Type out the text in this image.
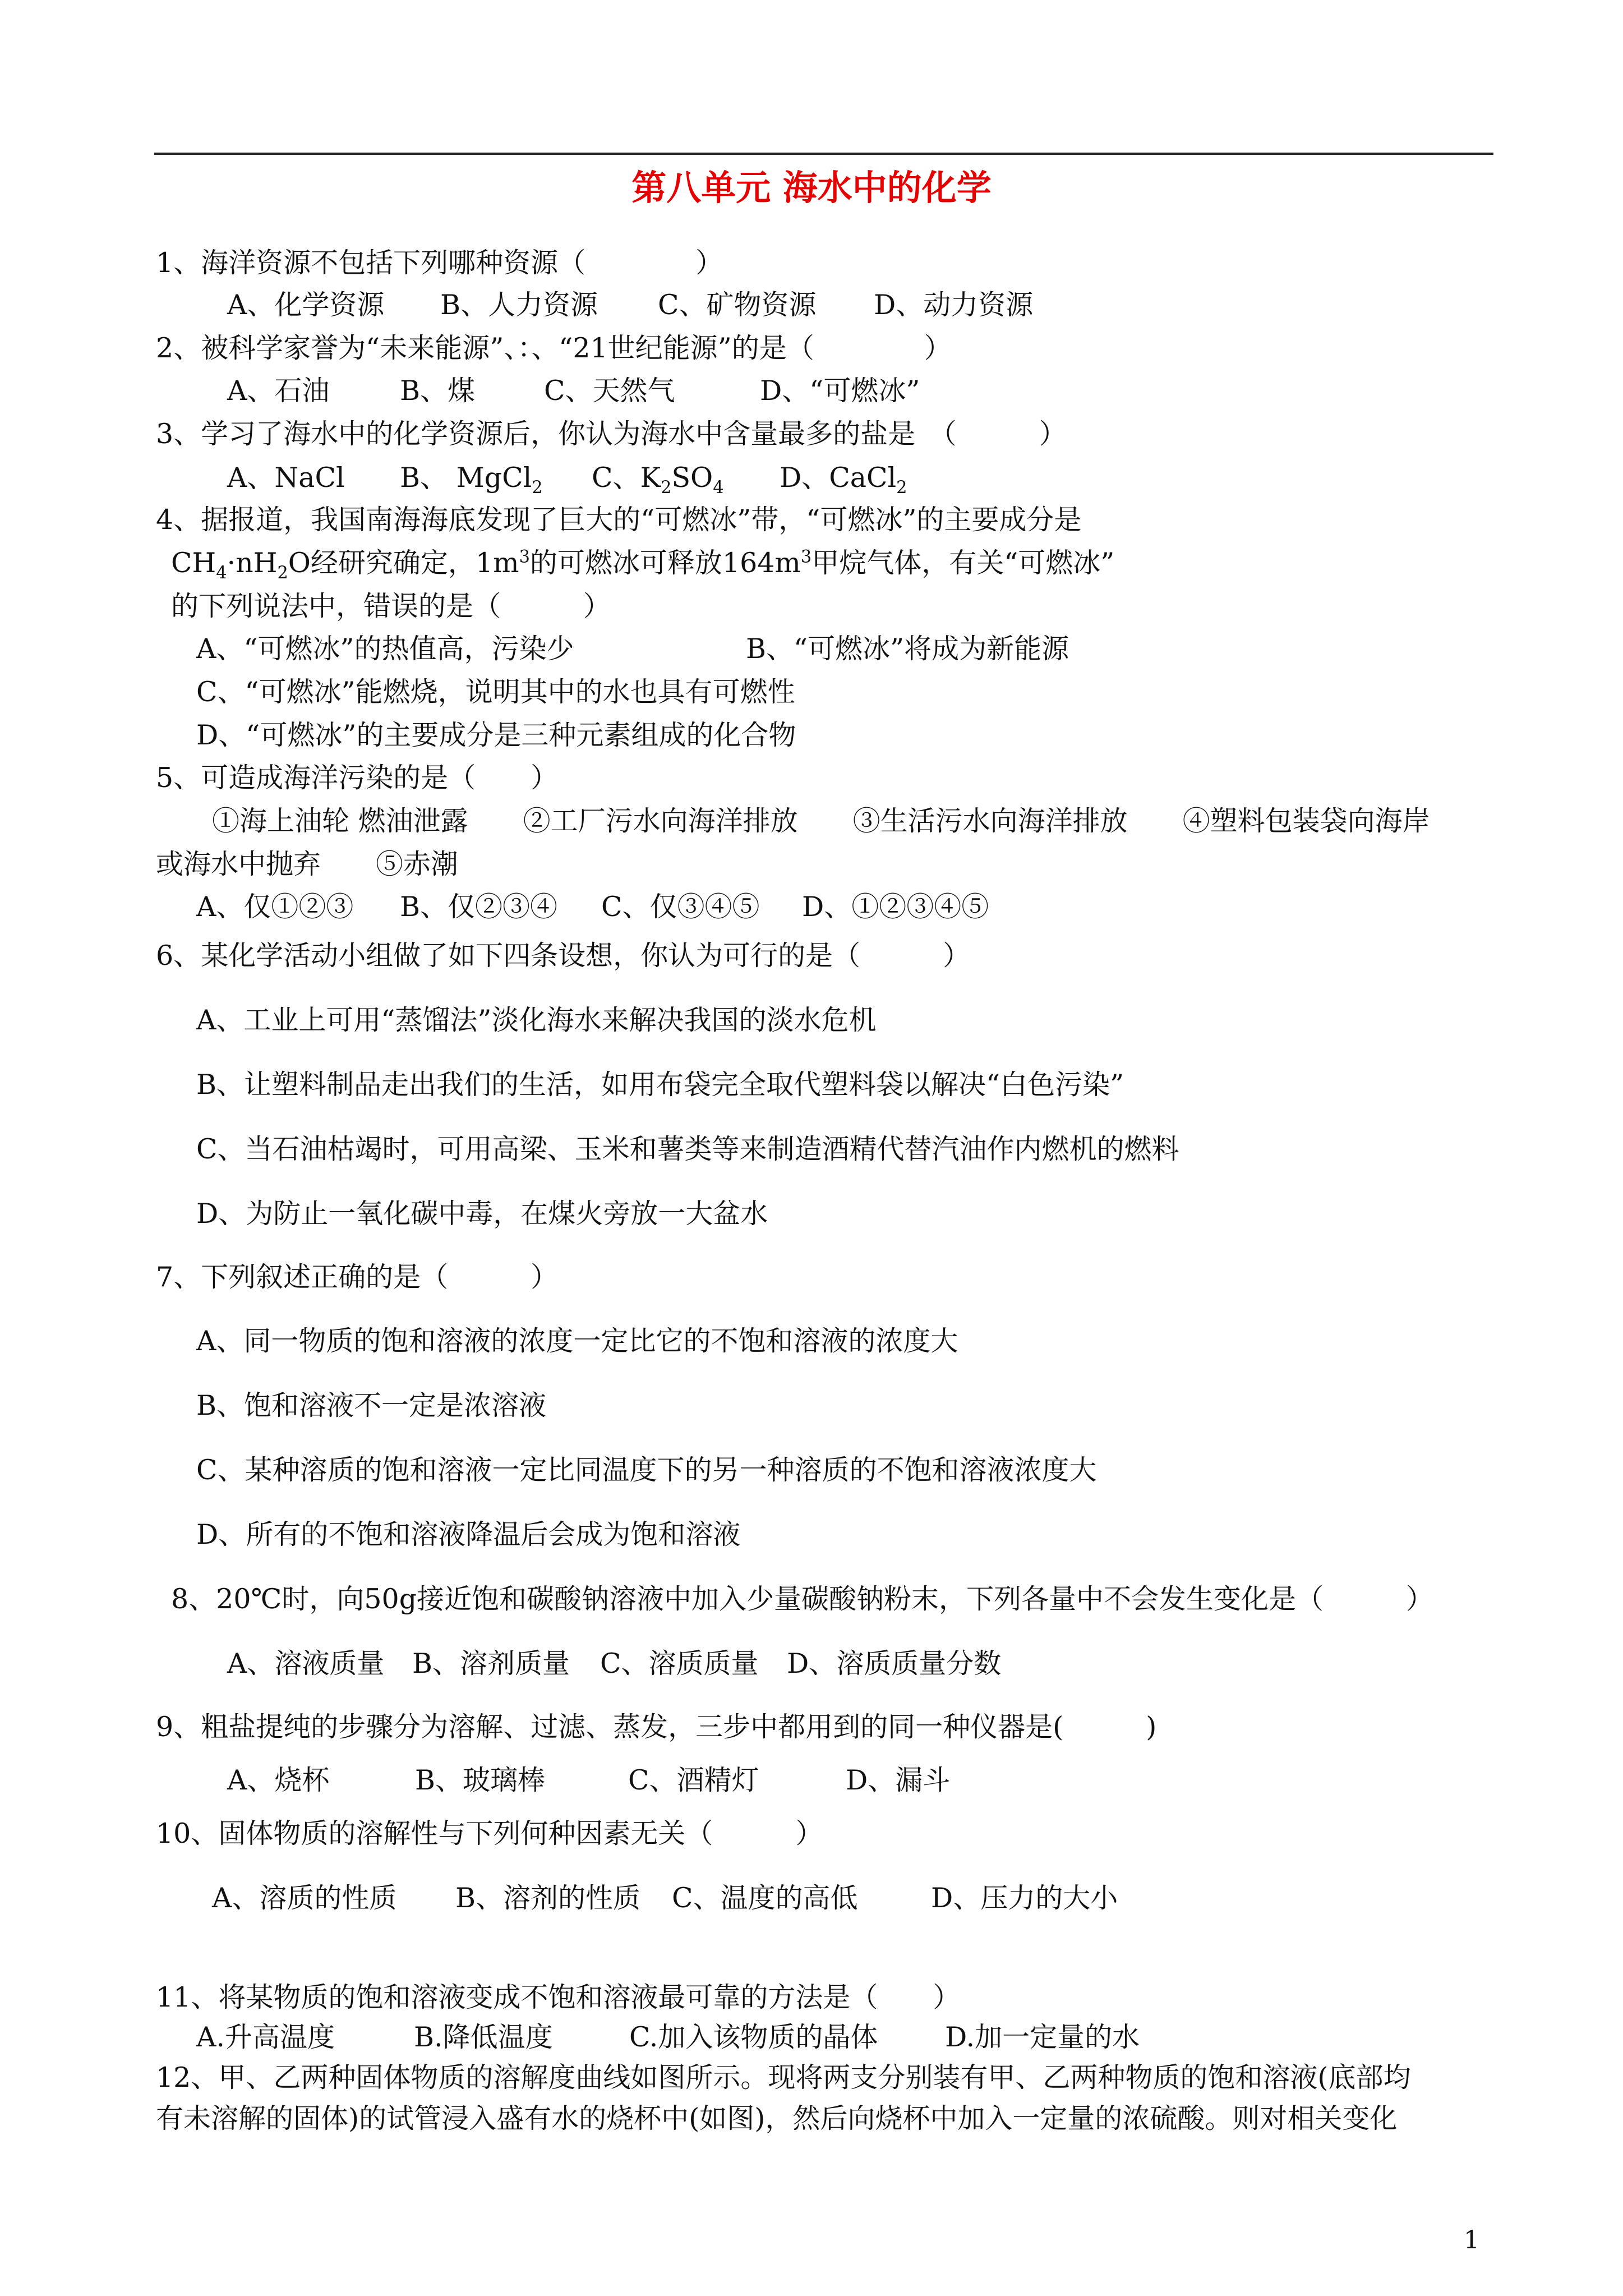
第八单元 海水中的化学
1、海洋资源不包括下列哪种资源（　　　　）
A、化学资源 B、人力资源 C、矿物资源 D、动力资源
2、被科学家誉为“未来能源”、：、“21世纪能源”的是（　　　　）
A、石油	B、煤	C、天然气	D、“可燃冰”
3、学习了海水中的化学资源后，你认为海水中含量最多的盐是　（　　　）
A、NaCl B、 MgCl$_2$ C、$K_2SO_4$ D、CaCl$_2$
4、据报道，我国南海海底发现了巨大的“可燃冰”带，“可燃冰”的主要成分是
$CH_4\cdot nH_2O$经研究确定，$1m^3$的可燃冰可释放$164m^3$甲烷气体，有关“可燃冰”
的下列说法中，错误的是（　　　）
A、“可燃冰”的热值高，污染少	B、“可燃冰”将成为新能源
C、“可燃冰”能燃烧，说明其中的水也具有可燃性
D、“可燃冰”的主要成分是三种元素组成的化合物
5、可造成海洋污染的是（　　）
①海上油轮 燃油泄露　　②工厂污水向海洋排放　　③生活污水向海洋排放　　④塑料包装袋向海岸
或海水中抛弃　　⑤赤潮
A、仅①②③ B、仅②③④ C、仅③④⑤ D、①②③④⑤
6、某化学活动小组做了如下四条设想，你认为可行的是（　　　）
A、工业上可用“蒸馏法”淡化海水来解决我国的淡水危机
B、让塑料制品走出我们的生活，如用布袋完全取代塑料袋以解决“白色污染”
C、当石油枯竭时，可用高梁、玉米和薯类等来制造酒精代替汽油作内燃机的燃料
D、为防止一氧化碳中毒，在煤火旁放一大盆水
7、下列叙述正确的是（　　　）
A、同一物质的饱和溶液的浓度一定比它的不饱和溶液的浓度大
B、饱和溶液不一定是浓溶液
C、某种溶质的饱和溶液一定比同温度下的另一种溶质的不饱和溶液浓度大
D、所有的不饱和溶液降温后会成为饱和溶液
8、20℃时，向50g接近饱和碳酸钠溶液中加入少量碳酸钠粉末，下列各量中不会发生变化是（　　　）
A、溶液质量 B、溶剂质量 C、溶质质量 D、溶质质量分数
9、粗盐提纯的步骤分为溶解、过滤、蒸发，三步中都用到的同一种仪器是(　　　)
A、烧杯	B、玻璃棒	C、酒精灯	D、漏斗
10、固体物质的溶解性与下列何种因素无关（　　　）
A、溶质的性质 B、溶剂的性质 C、温度的高低	D、压力的大小
11、将某物质的饱和溶液变成不饱和溶液最可靠的方法是（　　）
A.升高温度	B.降低温度	C.加入该物质的晶体 D.加一定量的水
12、甲、乙两种固体物质的溶解度曲线如图所示。现将两支分别装有甲、乙两种物质的饱和溶液(底部均
有未溶解的固体)的试管浸入盛有水的烧杯中(如图)，然后向烧杯中加入一定量的浓硫酸。则对相关变化
1
